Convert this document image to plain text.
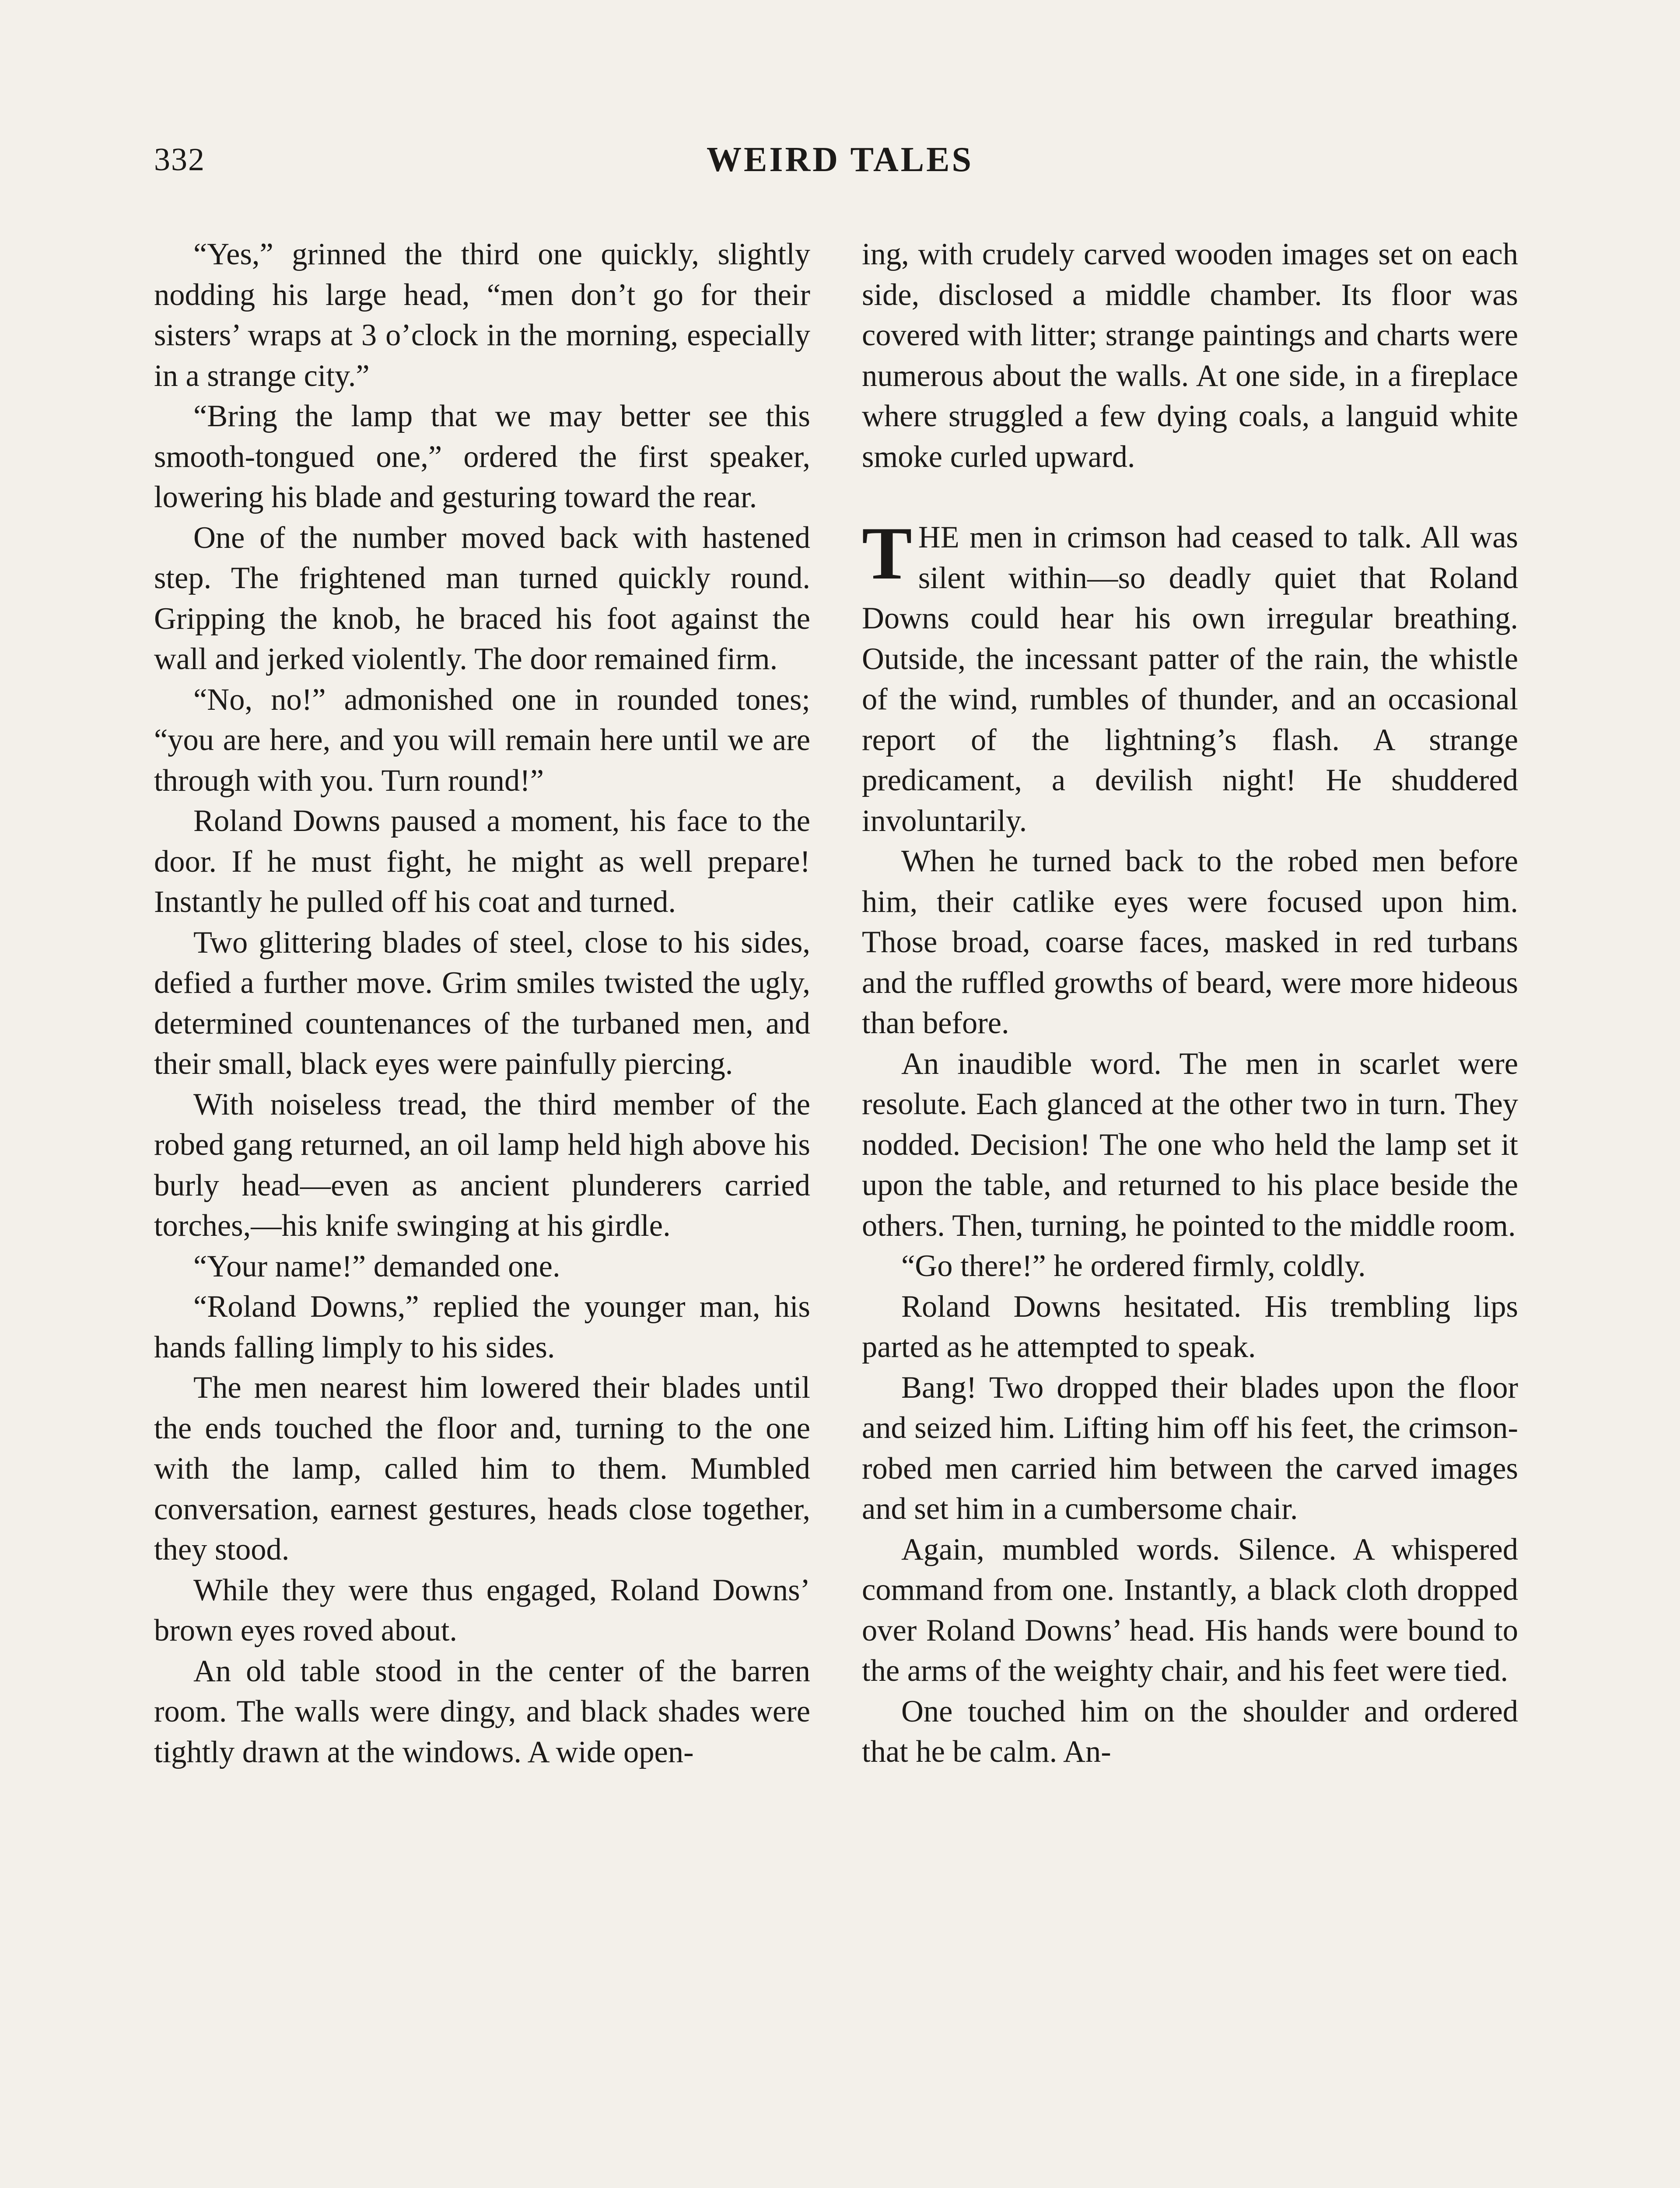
332	WEIRD TALES

“Yes,” grinned the third one quickly, slightly nodding his large head, “men don’t go for their sisters’ wraps at 3 o’clock in the morning, especially in a strange city.”

“Bring the lamp that we may better see this smooth-tongued one,” ordered the first speaker, lowering his blade and gesturing toward the rear.

One of the number moved back with hastened step. The frightened man turned quickly round. Gripping the knob, he braced his foot against the wall and jerked violently. The door remained firm.

“No, no!” admonished one in rounded tones; “you are here, and you will remain here until we are through with you. Turn round!”

Roland Downs paused a moment, his face to the door. If he must fight, he might as well prepare! Instantly he pulled off his coat and turned.

Two glittering blades of steel, close to his sides, defied a further move. Grim smiles twisted the ugly, determined countenances of the turbaned men, and their small, black eyes were painfully piercing.

With noiseless tread, the third member of the robed gang returned, an oil lamp held high above his burly head—even as ancient plunderers carried torches,—his knife swinging at his girdle.

“Your name!” demanded one.

“Roland Downs,” replied the younger man, his hands falling limply to his sides.

The men nearest him lowered their blades until the ends touched the floor and, turning to the one with the lamp, called him to them. Mumbled conversation, earnest gestures, heads close together, they stood.

While they were thus engaged, Roland Downs’ brown eyes roved about.

An old table stood in the center of the barren room. The walls were dingy, and black shades were tightly drawn at the windows. A wide open-

ing, with crudely carved wooden images set on each side, disclosed a middle chamber. Its floor was covered with litter; strange paintings and charts were numerous about the walls. At one side, in a fireplace where struggled a few dying coals, a languid white smoke curled upward.

THE men in crimson had ceased to talk. All was silent within—so deadly quiet that Roland Downs could hear his own irregular breathing. Outside, the incessant patter of the rain, the whistle of the wind, rumbles of thunder, and an occasional report of the lightning’s flash. A strange predicament, a devilish night! He shuddered involuntarily.

When he turned back to the robed men before him, their catlike eyes were focused upon him. Those broad, coarse faces, masked in red turbans and the ruffled growths of beard, were more hideous than before.

An inaudible word. The men in scarlet were resolute. Each glanced at the other two in turn. They nodded. Decision! The one who held the lamp set it upon the table, and returned to his place beside the others. Then, turning, he pointed to the middle room.

“Go there!” he ordered firmly, coldly.

Roland Downs hesitated. His trembling lips parted as he attempted to speak.

Bang! Two dropped their blades upon the floor and seized him. Lifting him off his feet, the crimson-robed men carried him between the carved images and set him in a cumbersome chair.

Again, mumbled words. Silence. A whispered command from one. Instantly, a black cloth dropped over Roland Downs’ head. His hands were bound to the arms of the weighty chair, and his feet were tied.

One touched him on the shoulder and ordered that he be calm. An-
